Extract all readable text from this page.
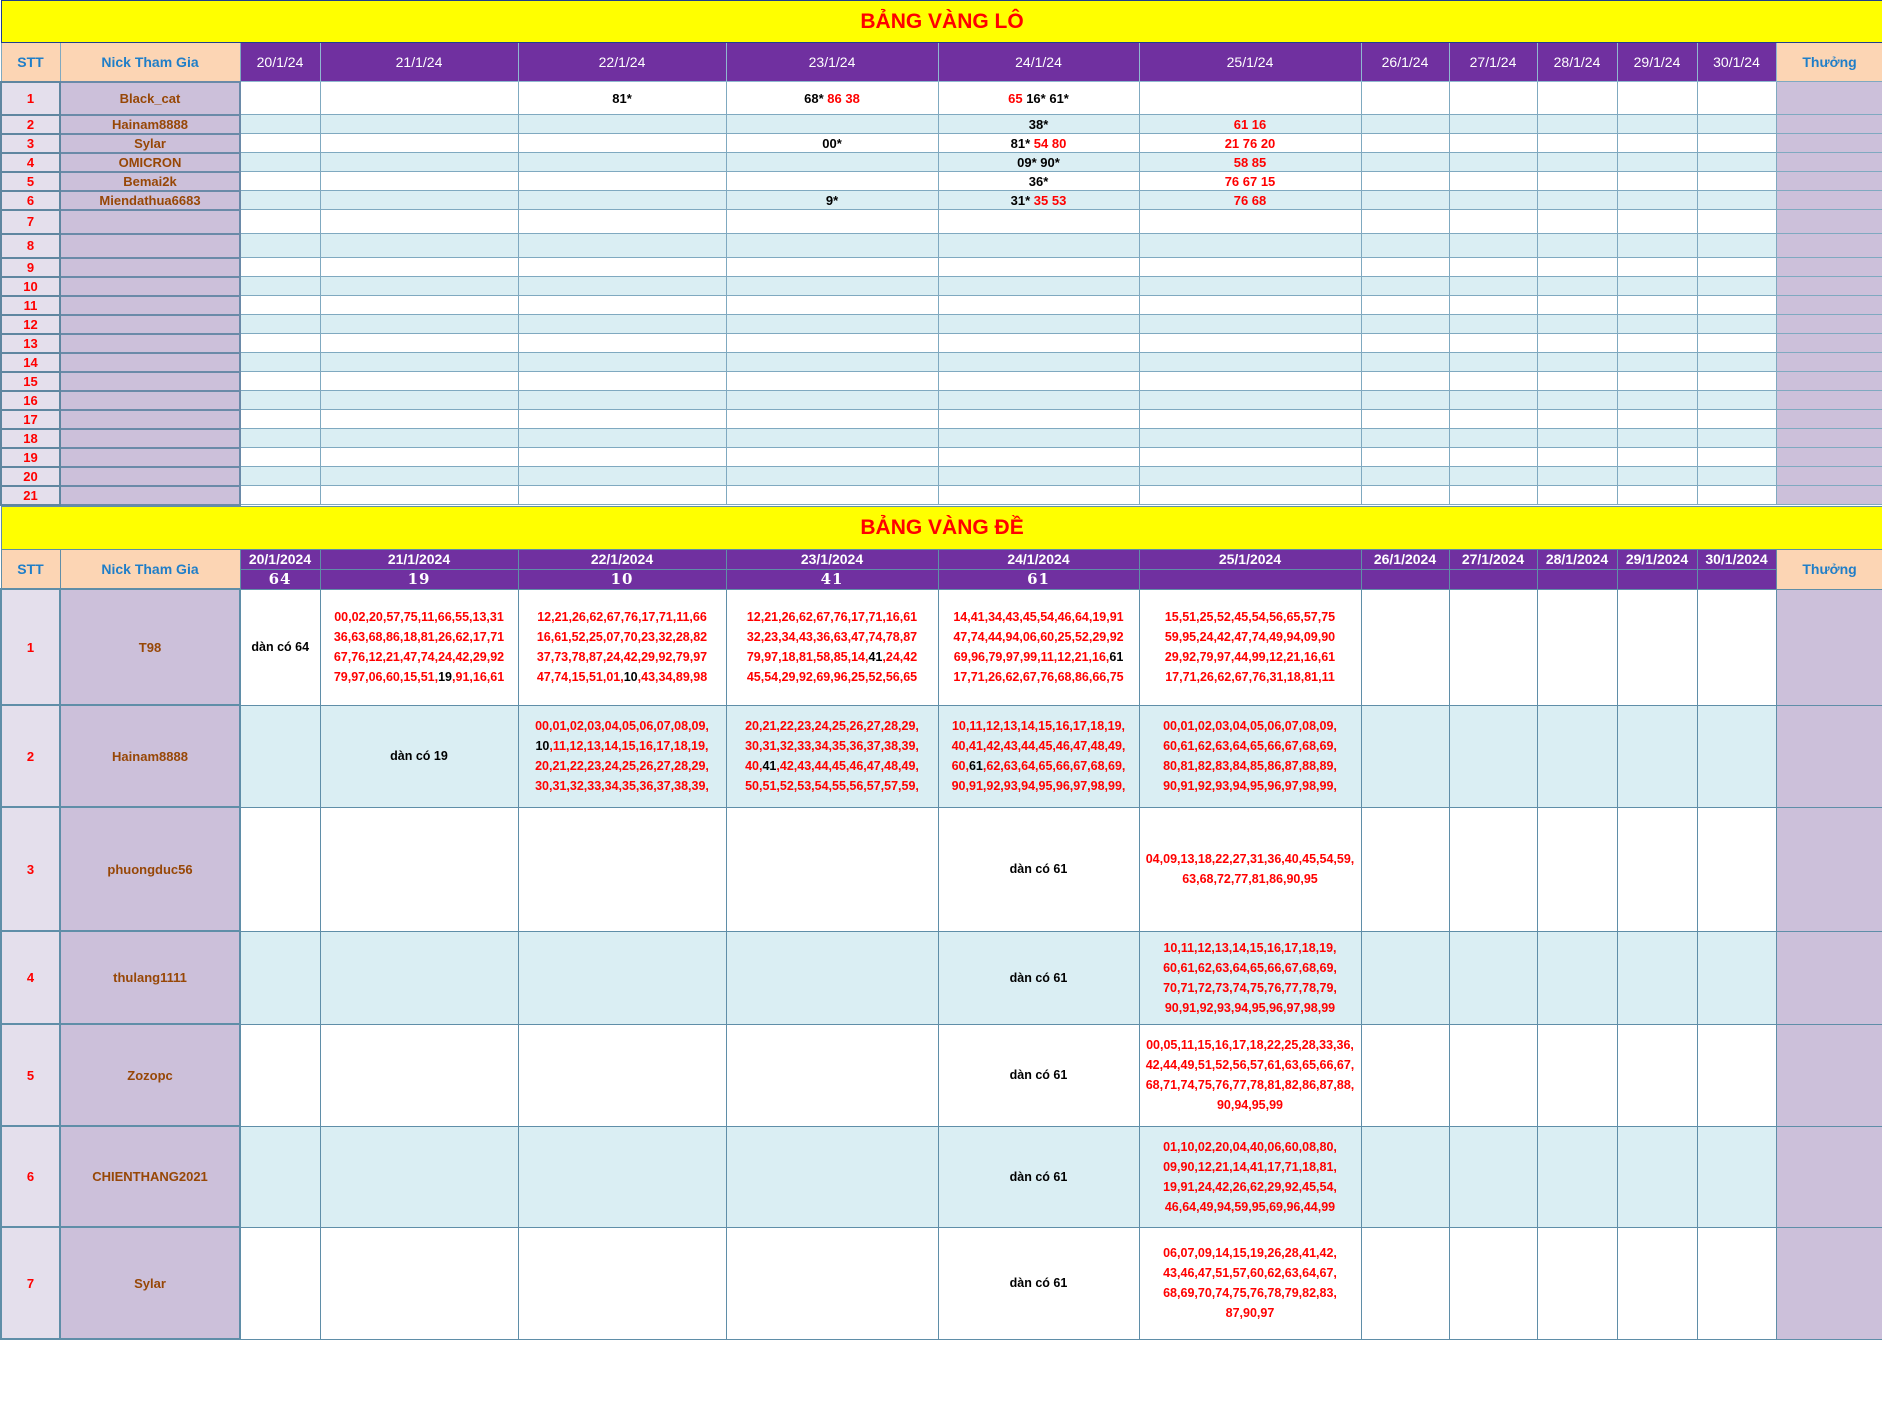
BẢNG VÀNG LÔ													
STT	Nick Tham Gia	20/1/24	21/1/24	22/1/24	23/1/24	24/1/24	25/1/24	26/1/24	27/1/24	28/1/24	29/1/24	30/1/24	Thưởng
1	Black_cat			81*	68* 86 38	65 16* 61*							
2	Hainam8888					38*	61 16						
3	Sylar				00*	81* 54 80	21 76 20						
4	OMICRON					09* 90*	58 85						
5	Bemai2k					36*	76 67 15						
6	Miendathua6683				9*	31* 35 53	76 68						
7													
8													
9													
10													
11													
12													
13													
14													
15													
16													
17													
18													
19													
20													
21													
BẢNG VÀNG ĐỀ													
STT	Nick Tham Gia	20/1/2024	21/1/2024	22/1/2024	23/1/2024	24/1/2024	25/1/2024	26/1/2024	27/1/2024	28/1/2024	29/1/2024	30/1/2024	Thưởng
		64	19	10	41	61							
1	T98	dàn có 64	00,02,20,57,75,11,66,55,13,31
36,63,68,86,18,81,26,62,17,71
67,76,12,21,47,74,24,42,29,92
79,97,06,60,15,51,19,91,16,61	12,21,26,62,67,76,17,71,11,66
16,61,52,25,07,70,23,32,28,82
37,73,78,87,24,42,29,92,79,97
47,74,15,51,01,10,43,34,89,98	12,21,26,62,67,76,17,71,16,61
32,23,34,43,36,63,47,74,78,87
79,97,18,81,58,85,14,41,24,42
45,54,29,92,69,96,25,52,56,65	14,41,34,43,45,54,46,64,19,91
47,74,44,94,06,60,25,52,29,92
69,96,79,97,99,11,12,21,16,61
17,71,26,62,67,76,68,86,66,75	15,51,25,52,45,54,56,65,57,75
59,95,24,42,47,74,49,94,09,90
29,92,79,97,44,99,12,21,16,61
17,71,26,62,67,76,31,18,81,11						
2	Hainam8888		dàn có 19	00,01,02,03,04,05,06,07,08,09,
10,11,12,13,14,15,16,17,18,19,
20,21,22,23,24,25,26,27,28,29,
30,31,32,33,34,35,36,37,38,39,	20,21,22,23,24,25,26,27,28,29,
30,31,32,33,34,35,36,37,38,39,
40,41,42,43,44,45,46,47,48,49,
50,51,52,53,54,55,56,57,57,59,	10,11,12,13,14,15,16,17,18,19,
40,41,42,43,44,45,46,47,48,49,
60,61,62,63,64,65,66,67,68,69,
90,91,92,93,94,95,96,97,98,99,	00,01,02,03,04,05,06,07,08,09,
60,61,62,63,64,65,66,67,68,69,
80,81,82,83,84,85,86,87,88,89,
90,91,92,93,94,95,96,97,98,99,						
3	phuongduc56					dàn có 61	04,09,13,18,22,27,31,36,40,45,54,59,
63,68,72,77,81,86,90,95						
4	thulang1111					dàn có 61	10,11,12,13,14,15,16,17,18,19,
60,61,62,63,64,65,66,67,68,69,
70,71,72,73,74,75,76,77,78,79,
90,91,92,93,94,95,96,97,98,99						
5	Zozopc					dàn có 61	00,05,11,15,16,17,18,22,25,28,33,36,
42,44,49,51,52,56,57,61,63,65,66,67,
68,71,74,75,76,77,78,81,82,86,87,88,
90,94,95,99						
6	CHIENTHANG2021					dàn có 61	01,10,02,20,04,40,06,60,08,80,
09,90,12,21,14,41,17,71,18,81,
19,91,24,42,26,62,29,92,45,54,
46,64,49,94,59,95,69,96,44,99						
7	Sylar					dàn có 61	06,07,09,14,15,19,26,28,41,42,
43,46,47,51,57,60,62,63,64,67,
68,69,70,74,75,76,78,79,82,83,
87,90,97						
